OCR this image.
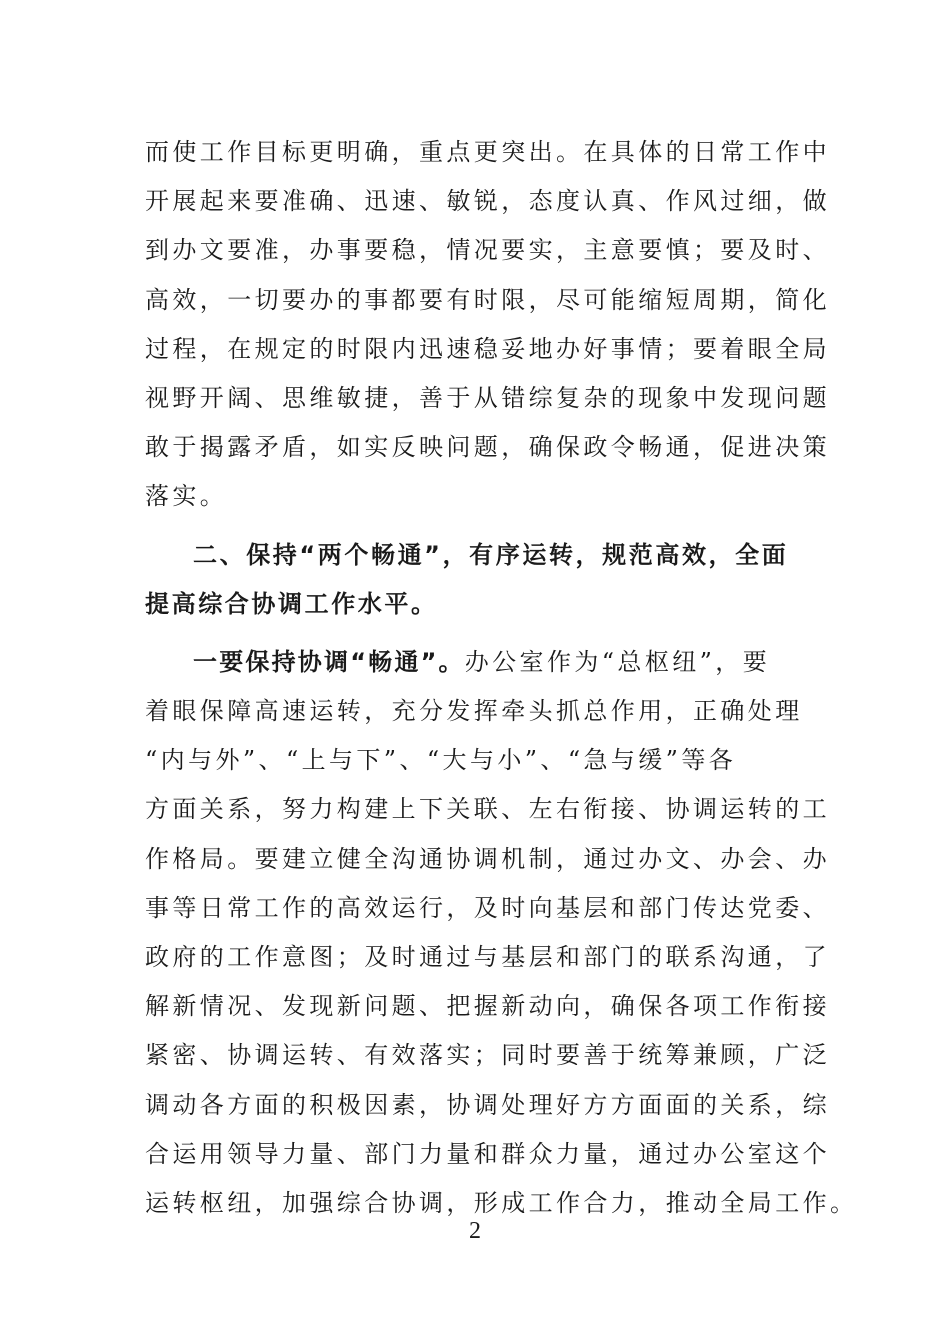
而使工作目标更明确，重点更突出。在具体的日常工作中
开展起来要准确、迅速、敏锐，态度认真、作风过细，做
到办文要准，办事要稳，情况要实，主意要慎；要及时、
高效，一切要办的事都要有时限，尽可能缩短周期，简化
过程，在规定的时限内迅速稳妥地办好事情；要着眼全局
视野开阔、思维敏捷，善于从错综复杂的现象中发现问题
敢于揭露矛盾，如实反映问题，确保政令畅通，促进决策
落实。
二、保持“两个畅通”，有序运转，规范高效，全面
提高综合协调工作水平。
一要保持协调“畅通”。办公室作为“总枢纽”，要
着眼保障高速运转，充分发挥牵头抓总作用，正确处理
“内与外”、“上与下”、“大与小”、“急与缓”等各
方面关系，努力构建上下关联、左右衔接、协调运转的工
作格局。要建立健全沟通协调机制，通过办文、办会、办
事等日常工作的高效运行，及时向基层和部门传达党委、
政府的工作意图；及时通过与基层和部门的联系沟通，了
解新情况、发现新问题、把握新动向，确保各项工作衔接
紧密、协调运转、有效落实；同时要善于统筹兼顾，广泛
调动各方面的积极因素，协调处理好方方面面的关系，综
合运用领导力量、部门力量和群众力量，通过办公室这个
运转枢纽，加强综合协调，形成工作合力，推动全局工作。
2
